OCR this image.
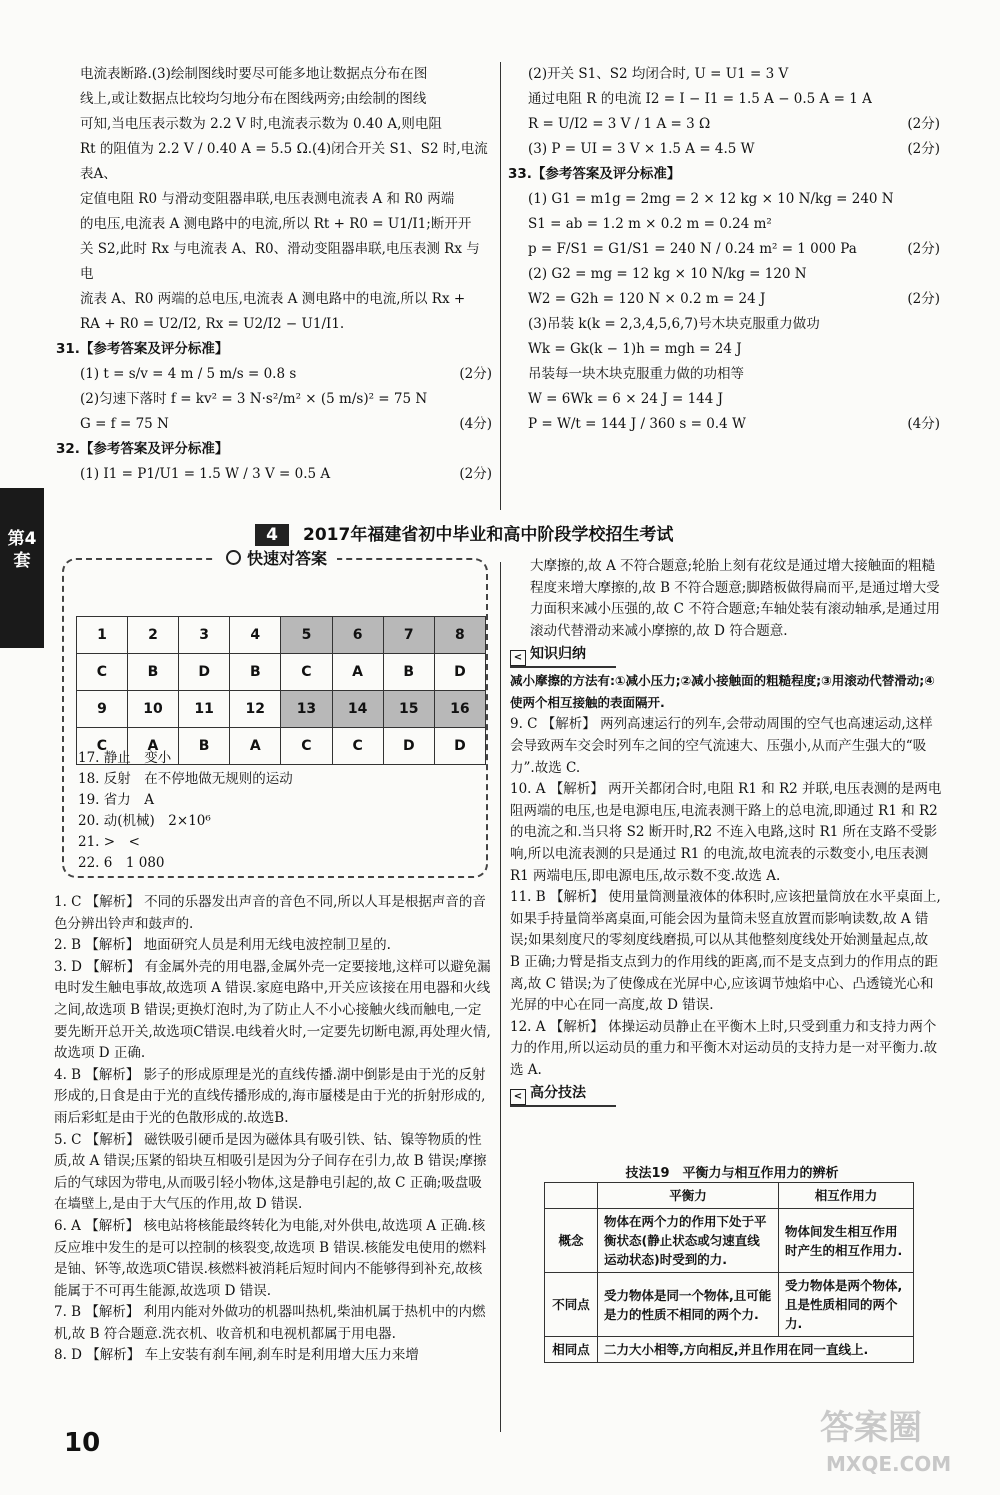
第4套

电流表断路.(3)绘制图线时要尽可能多地让数据点分布在图

线上,或让数据点比较均匀地分布在图线两旁;由绘制的图线

可知,当电压表示数为 2.2 V 时,电流表示数为 0.40 A,则电阻

Rt 的阻值为 2.2 V / 0.40 A = 5.5 Ω.(4)闭合开关 S1、S2 时,电流表A、

定值电阻 R0 与滑动变阻器串联,电压表测电流表 A 和 R0 两端

的电压,电流表 A 测电路中的电流,所以 Rt + R0 = U1/I1;断开开

关 S2,此时 Rx 与电流表 A、R0、滑动变阻器串联,电压表测 Rx 与电

流表 A、R0 两端的总电压,电流表 A 测电路中的电流,所以 Rx +

RA + R0 = U2/I2, Rx = U2/I2 − U1/I1.

31.【参考答案及评分标准】

(1) t = s/v = 4 m / 5 m/s = 0.8 s	(2分)
(2)匀速下落时 f = kv² = 3 N·s²/m² × (5 m/s)² = 75 N
G = f = 75 N	(4分)

32.【参考答案及评分标准】

(1) I1 = P1/U1 = 1.5 W / 3 V = 0.5 A	(2分)
(2)开关 S1、S2 均闭合时, U = U1 = 3 V
通过电阻 R 的电流 I2 = I − I1 = 1.5 A − 0.5 A = 1 A
R = U/I2 = 3 V / 1 A = 3 Ω	(2分)
(3) P = UI = 3 V × 1.5 A = 4.5 W	(2分)

33.【参考答案及评分标准】

(1) G1 = m1g = 2mg = 2 × 12 kg × 10 N/kg = 240 N
S1 = ab = 1.2 m × 0.2 m = 0.24 m²
p = F/S1 = G1/S1 = 240 N / 0.24 m² = 1 000 Pa	(2分)
(2) G2 = mg = 12 kg × 10 N/kg = 120 N
W2 = G2h = 120 N × 0.2 m = 24 J	(2分)
(3)吊装 k(k = 2,3,4,5,6,7)号木块克服重力做功
Wk = Gk(k − 1)h = mgh = 24 J
吊装每一块木块克服重力做的功相等
W = 6Wk = 6 × 24 J = 144 J
P = W/t = 144 J / 360 s = 0.4 W	(4分)
4 2017年福建省初中毕业和高中阶段学校招生考试
快速对答案
1	2	3	4	5	6	7	8
C	B	D	B	C	A	B	D
9	10	11	12	13	14	15	16
C	A	B	A	C	C	D	D
17. 静止　变小
18. 反射　在不停地做无规则的运动
19. 省力　A
20. 动(机械)　2×10⁶
21. >　<
22. 6　1 080

1. C 【解析】 不同的乐器发出声音的音色不同,所以人耳是根据声音的音色分辨出铃声和鼓声的.

2. B 【解析】 地面研究人员是利用无线电波控制卫星的.

3. D 【解析】 有金属外壳的用电器,金属外壳一定要接地,这样可以避免漏电时发生触电事故,故选项 A 错误.家庭电路中,开关应该接在用电器和火线之间,故选项 B 错误;更换灯泡时,为了防止人不小心接触火线而触电,一定要先断开总开关,故选项C错误.电线着火时,一定要先切断电源,再处理火情,故选项 D 正确.

4. B 【解析】 影子的形成原理是光的直线传播.湖中倒影是由于光的反射形成的,日食是由于光的直线传播形成的,海市蜃楼是由于光的折射形成的,雨后彩虹是由于光的色散形成的.故选B.

5. C 【解析】 磁铁吸引硬币是因为磁体具有吸引铁、钴、镍等物质的性质,故 A 错误;压紧的铅块互相吸引是因为分子间存在引力,故 B 错误;摩擦后的气球因为带电,从而吸引轻小物体,这是静电引起的,故 C 正确;吸盘吸在墙壁上,是由于大气压的作用,故 D 错误.

6. A 【解析】 核电站将核能最终转化为电能,对外供电,故选项 A 正确.核反应堆中发生的是可以控制的核裂变,故选项 B 错误.核能发电使用的燃料是铀、钚等,故选项C错误.核燃料被消耗后短时间内不能够得到补充,故核能属于不可再生能源,故选项 D 错误.

7. B 【解析】 利用内能对外做功的机器叫热机,柴油机属于热机中的内燃机,故 B 符合题意.洗衣机、收音机和电视机都属于用电器.

8. D 【解析】 车上安装有刹车闸,刹车时是利用增大压力来增

大摩擦的,故 A 不符合题意;轮胎上刻有花纹是通过增大接触面的粗糙程度来增大摩擦的,故 B 不符合题意;脚踏板做得扁而平,是通过增大受力面积来减小压强的,故 C 不符合题意;车轴处装有滚动轴承,是通过用滚动代替滑动来减小摩擦的,故 D 符合题意.

< 知识归纳

减小摩擦的方法有:①减小压力;②减小接触面的粗糙程度;③用滚动代替滑动;④使两个相互接触的表面隔开.

9. C 【解析】 两列高速运行的列车,会带动周围的空气也高速运动,这样会导致两车交会时列车之间的空气流速大、压强小,从而产生强大的“吸力”.故选 C.

10. A 【解析】 两开关都闭合时,电阻 R1 和 R2 并联,电压表测的是两电阻两端的电压,也是电源电压,电流表测干路上的总电流,即通过 R1 和 R2 的电流之和.当只将 S2 断开时,R2 不连入电路,这时 R1 所在支路不受影响,所以电流表测的只是通过 R1 的电流,故电流表的示数变小,电压表测 R1 两端电压,即电源电压,故示数不变.故选 A.

11. B 【解析】 使用量筒测量液体的体积时,应该把量筒放在水平桌面上,如果手持量筒举离桌面,可能会因为量筒未竖直放置而影响读数,故 A 错误;如果刻度尺的零刻度线磨损,可以从其他整刻度线处开始测量起点,故 B 正确;力臂是指支点到力的作用线的距离,而不是支点到力的作用点的距离,故 C 错误;为了使像成在光屏中心,应该调节烛焰中心、凸透镜光心和光屏的中心在同一高度,故 D 错误.

12. A 【解析】 体操运动员静止在平衡木上时,只受到重力和支持力两个力的作用,所以运动员的重力和平衡木对运动员的支持力是一对平衡力.故选 A.

< 高分技法
技法19　平衡力与相互作用力的辨析
	平衡力	相互作用力
概念	物体在两个力的作用下处于平衡状态(静止状态或匀速直线运动状态)时受到的力.	物体间发生相互作用时产生的相互作用力.
不同点	受力物体是同一个物体,且可能是力的性质不相同的两个力.	受力物体是两个物体,且是性质相同的两个力.
相同点	二力大小相等,方向相反,并且作用在同一直线上.	
10	答案圈
MXQE.COM
